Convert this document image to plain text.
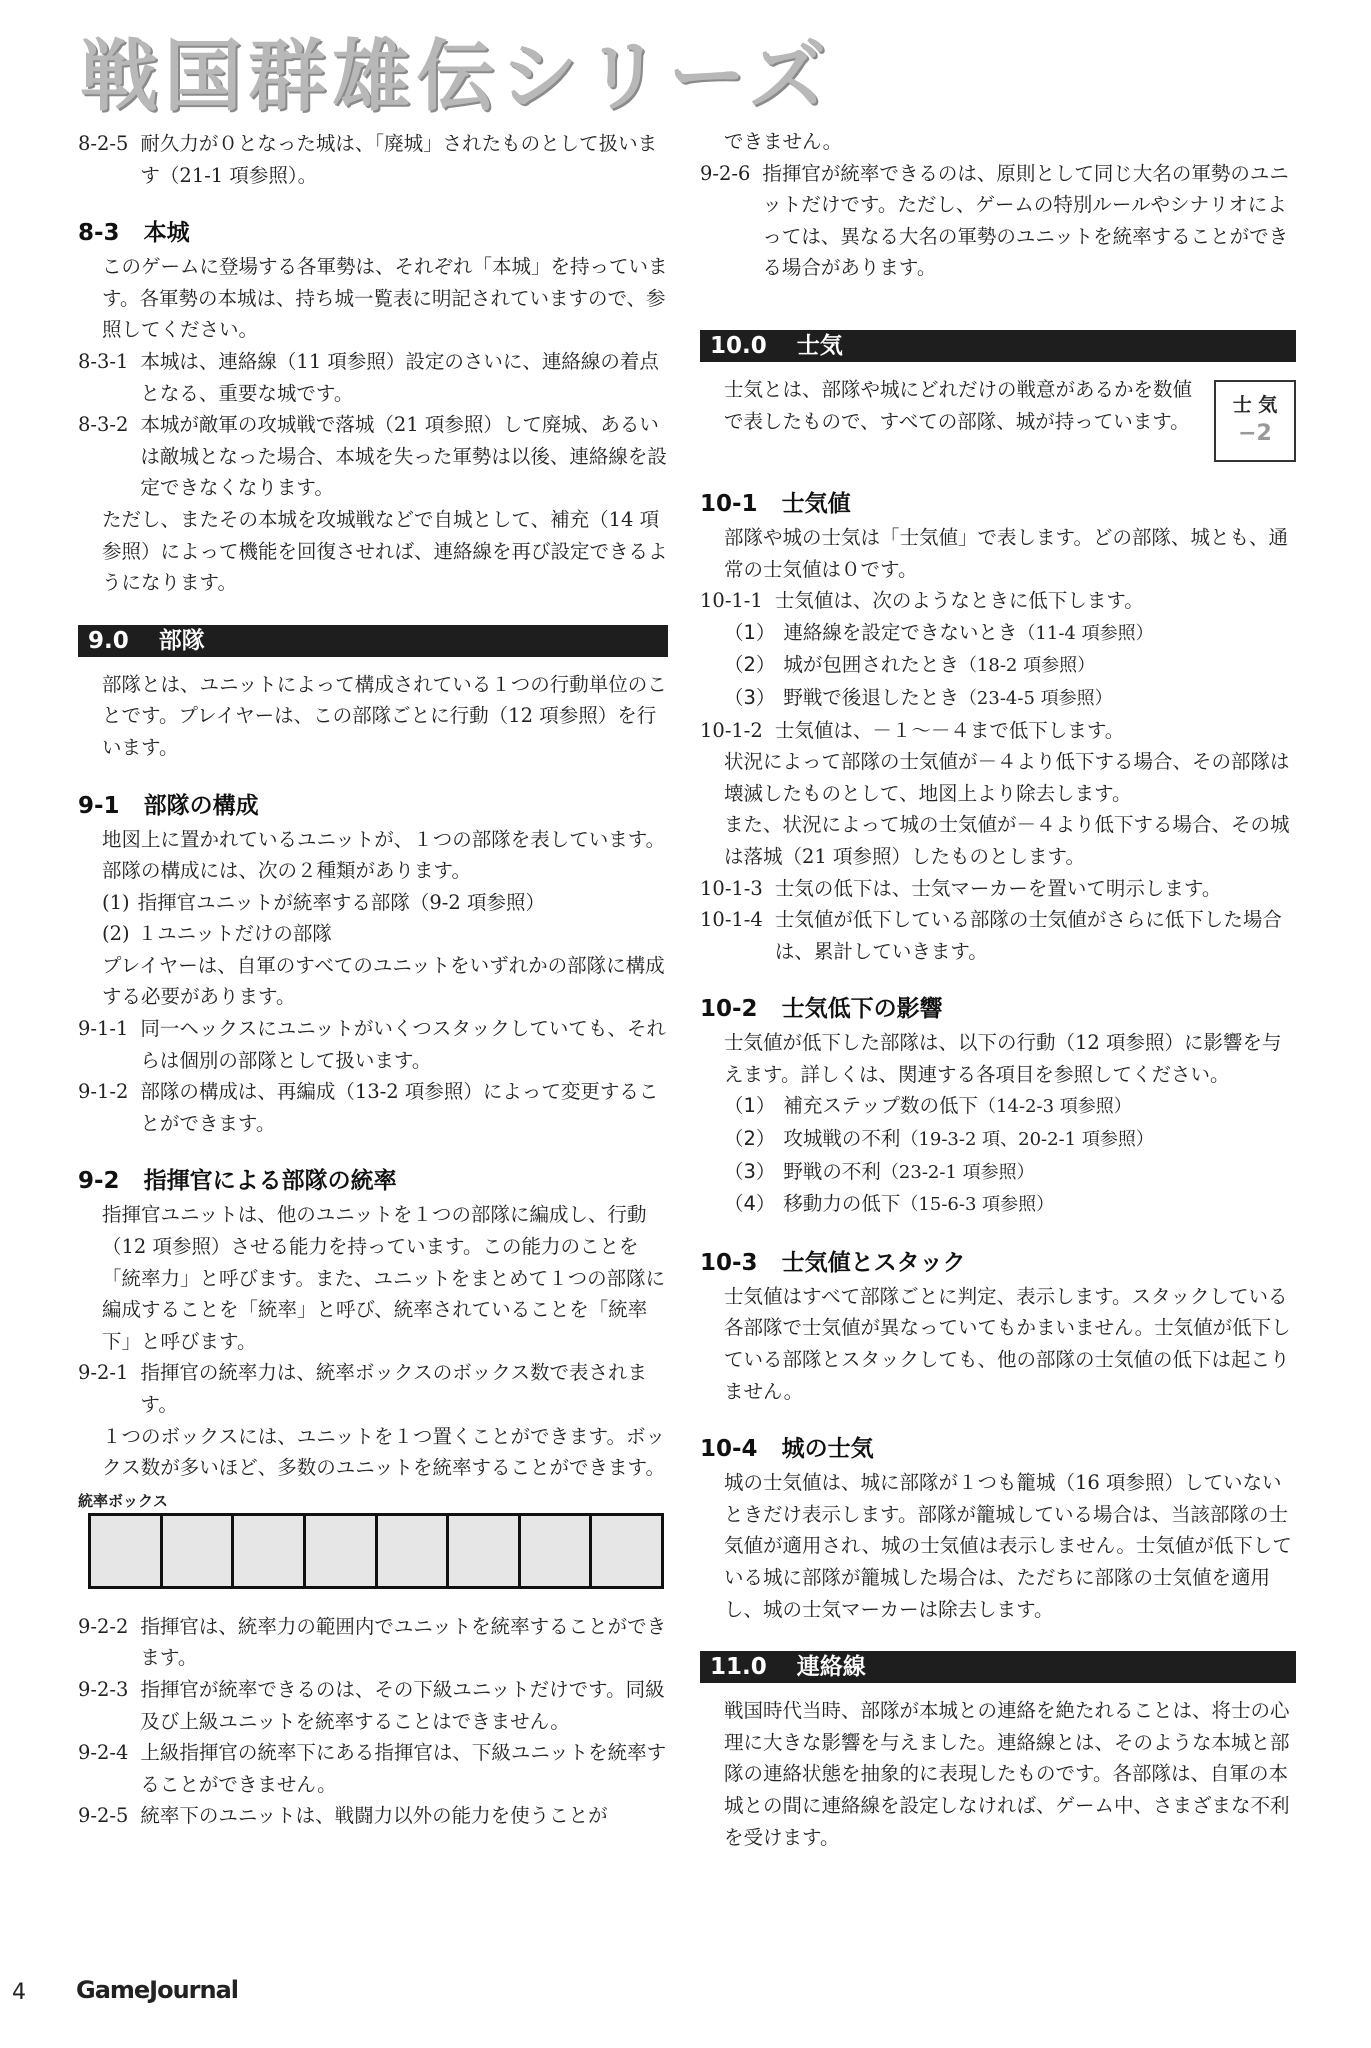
戦国群雄伝シリーズ
8-2-5 耐久力が０となった城は、「廃城」されたものとして扱います（21-1 項参照）。
8-3 本城

このゲームに登場する各軍勢は、それぞれ「本城」を持っています。各軍勢の本城は、持ち城一覧表に明記されていますので、参照してください。

8-3-1 本城は、連絡線（11 項参照）設定のさいに、連絡線の着点となる、重要な城です。
8-3-2 本城が敵軍の攻城戦で落城（21 項参照）して廃城、あるいは敵城となった場合、本城を失った軍勢は以後、連絡線を設定できなくなります。

ただし、またその本城を攻城戦などで自城として、補充（14 項参照）によって機能を回復させれば、連絡線を再び設定できるようになります。

9.0 部隊

部隊とは、ユニットによって構成されている１つの行動単位のことです。プレイヤーは、この部隊ごとに行動（12 項参照）を行います。

9-1 部隊の構成

地図上に置かれているユニットが、１つの部隊を表しています。部隊の構成には、次の２種類があります。

(1) 指揮官ユニットが統率する部隊（9-2 項参照）
(2) １ユニットだけの部隊

プレイヤーは、自軍のすべてのユニットをいずれかの部隊に構成する必要があります。

9-1-1 同一ヘックスにユニットがいくつスタックしていても、それらは個別の部隊として扱います。
9-1-2 部隊の構成は、再編成（13-2 項参照）によって変更することができます。
9-2 指揮官による部隊の統率

指揮官ユニットは、他のユニットを１つの部隊に編成し、行動（12 項参照）させる能力を持っています。この能力のことを「統率力」と呼びます。また、ユニットをまとめて１つの部隊に編成することを「統率」と呼び、統率されていることを「統率下」と呼びます。

9-2-1 指揮官の統率力は、統率ボックスのボックス数で表されます。

１つのボックスには、ユニットを１つ置くことができます。ボックス数が多いほど、多数のユニットを統率することができます。

統率ボックス
9-2-2 指揮官は、統率力の範囲内でユニットを統率することができます。
9-2-3 指揮官が統率できるのは、その下級ユニットだけです。同級及び上級ユニットを統率することはできません。
9-2-4 上級指揮官の統率下にある指揮官は、下級ユニットを統率することができません。
9-2-5 統率下のユニットは、戦闘力以外の能力を使うことが

できません。

9-2-6 指揮官が統率できるのは、原則として同じ大名の軍勢のユニットだけです。ただし、ゲームの特別ルールやシナリオによっては、異なる大名の軍勢のユニットを統率することができる場合があります。
10.0 士気

士気とは、部隊や城にどれだけの戦意があるかを数値で表したもので、すべての部隊、城が持っています。

士 気
−2
10-1 士気値

部隊や城の士気は「士気値」で表します。どの部隊、城とも、通常の士気値は０です。

10-1-1 士気値は、次のようなときに低下します。
（1） 連絡線を設定できないとき（11-4 項参照）
（2） 城が包囲されたとき（18-2 項参照）
（3） 野戦で後退したとき（23-4-5 項参照）
10-1-2 士気値は、－１～－４まで低下します。

状況によって部隊の士気値が－４より低下する場合、その部隊は壊滅したものとして、地図上より除去します。

また、状況によって城の士気値が－４より低下する場合、その城は落城（21 項参照）したものとします。

10-1-3 士気の低下は、士気マーカーを置いて明示します。
10-1-4 士気値が低下している部隊の士気値がさらに低下した場合は、累計していきます。
10-2 士気低下の影響

士気値が低下した部隊は、以下の行動（12 項参照）に影響を与えます。詳しくは、関連する各項目を参照してください。

（1） 補充ステップ数の低下（14-2-3 項参照）
（2） 攻城戦の不利（19-3-2 項、20-2-1 項参照）
（3） 野戦の不利（23-2-1 項参照）
（4） 移動力の低下（15-6-3 項参照）
10-3 士気値とスタック

士気値はすべて部隊ごとに判定、表示します。スタックしている各部隊で士気値が異なっていてもかまいません。士気値が低下している部隊とスタックしても、他の部隊の士気値の低下は起こりません。

10-4 城の士気

城の士気値は、城に部隊が１つも籠城（16 項参照）していないときだけ表示します。部隊が籠城している場合は、当該部隊の士気値が適用され、城の士気値は表示しません。士気値が低下している城に部隊が籠城した場合は、ただちに部隊の士気値を適用し、城の士気マーカーは除去します。

11.0 連絡線

戦国時代当時、部隊が本城との連絡を絶たれることは、将士の心理に大きな影響を与えました。連絡線とは、そのような本城と部隊の連絡状態を抽象的に表現したものです。各部隊は、自軍の本城との間に連絡線を設定しなければ、ゲーム中、さまざまな不利を受けます。

4 GameJournal
